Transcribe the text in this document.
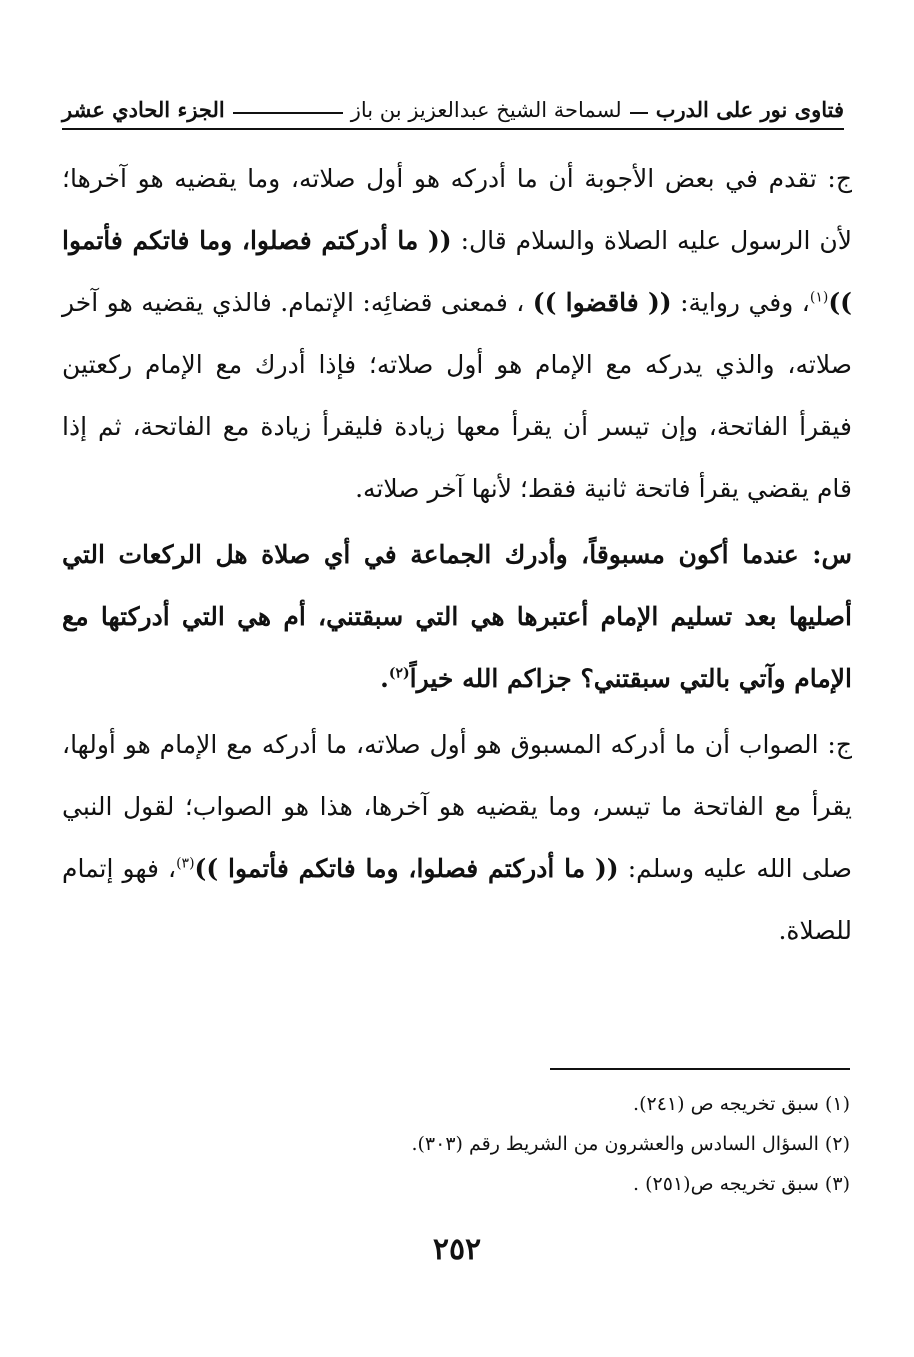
فتاوى نور على الدرب
لسماحة الشيخ عبدالعزيز بن باز
الجزء الحادي عشر

ج: تقدم في بعض الأجوبة أن ما أدركه هو أول صلاته، وما يقضيه هو آخرها؛ لأن الرسول عليه الصلاة والسلام قال: (( ما أدركتم فصلوا، وما فاتكم فأتموا ))$^{(١)}$، وفي رواية: (( فاقضوا )) ، فمعنى قضائِه: الإتمام. فالذي يقضيه هو آخر صلاته، والذي يدركه مع الإمام هو أول صلاته؛ فإذا أدرك مع الإمام ركعتين فيقرأ الفاتحة، وإن تيسر أن يقرأ معها زيادة فليقرأ زيادة مع الفاتحة، ثم إذا قام يقضي يقرأ فاتحة ثانية فقط؛ لأنها آخر صلاته.

س: عندما أكون مسبوقاً، وأدرك الجماعة في أي صلاة هل الركعات التي أصليها بعد تسليم الإمام أعتبرها هي التي سبقتني، أم هي التي أدركتها مع الإمام وآتي بالتي سبقتني؟ جزاكم الله خيراً$^{(٢)}$.

ج: الصواب أن ما أدركه المسبوق هو أول صلاته، ما أدركه مع الإمام هو أولها، يقرأ مع الفاتحة ما تيسر، وما يقضيه هو آخرها، هذا هو الصواب؛ لقول النبي صلى الله عليه وسلم: (( ما أدركتم فصلوا، وما فاتكم فأتموا ))$^{(٣)}$، فهو إتمام للصلاة.

(١) سبق تخريجه ص (٢٤١).
(٢) السؤال السادس والعشرون من الشريط رقم (٣٠٣).
(٣) سبق تخريجه ص(٢٥١) .
٢٥٢
